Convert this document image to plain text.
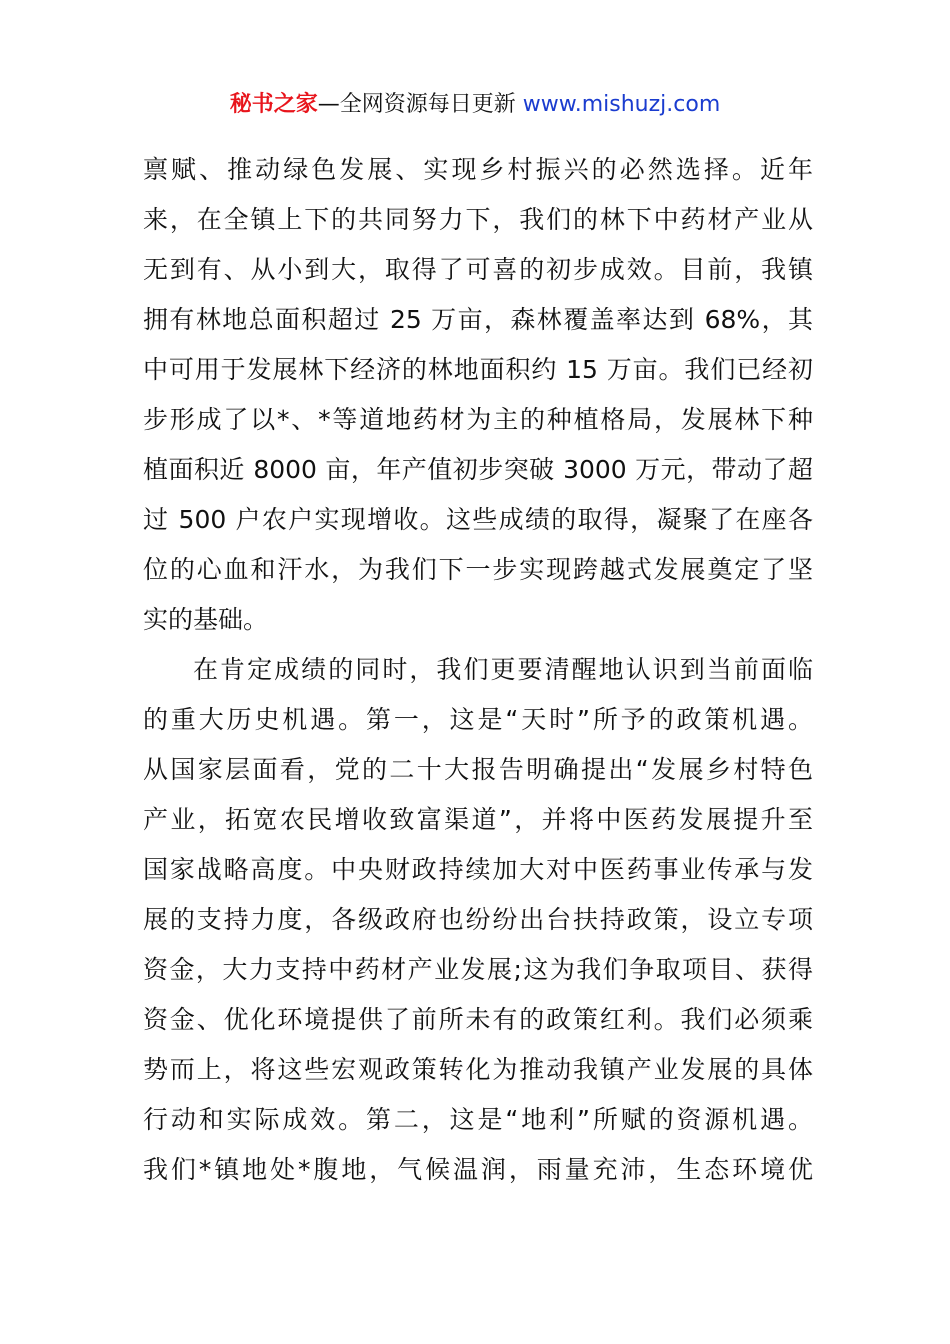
秘书之家—全网资源每日更新 www.mishuzj.com
禀赋、推动绿色发展、实现乡村振兴的必然选择。近年
来，在全镇上下的共同努力下，我们的林下中药材产业从
无到有、从小到大，取得了可喜的初步成效。目前，我镇
拥有林地总面积超过 25 万亩，森林覆盖率达到 68%，其
中可用于发展林下经济的林地面积约 15 万亩。我们已经初
步形成了以*、*等道地药材为主的种植格局，发展林下种
植面积近 8000 亩，年产值初步突破 3000 万元，带动了超
过 500 户农户实现增收。这些成绩的取得，凝聚了在座各
位的心血和汗水，为我们下一步实现跨越式发展奠定了坚
实的基础。
在肯定成绩的同时，我们更要清醒地认识到当前面临
的重大历史机遇。第一，这是“天时”所予的政策机遇。
从国家层面看，党的二十大报告明确提出“发展乡村特色
产业，拓宽农民增收致富渠道”，并将中医药发展提升至
国家战略高度。中央财政持续加大对中医药事业传承与发
展的支持力度，各级政府也纷纷出台扶持政策，设立专项
资金，大力支持中药材产业发展;这为我们争取项目、获得
资金、优化环境提供了前所未有的政策红利。我们必须乘
势而上，将这些宏观政策转化为推动我镇产业发展的具体
行动和实际成效。第二，这是“地利”所赋的资源机遇。
我们*镇地处*腹地，气候温润，雨量充沛，生态环境优
